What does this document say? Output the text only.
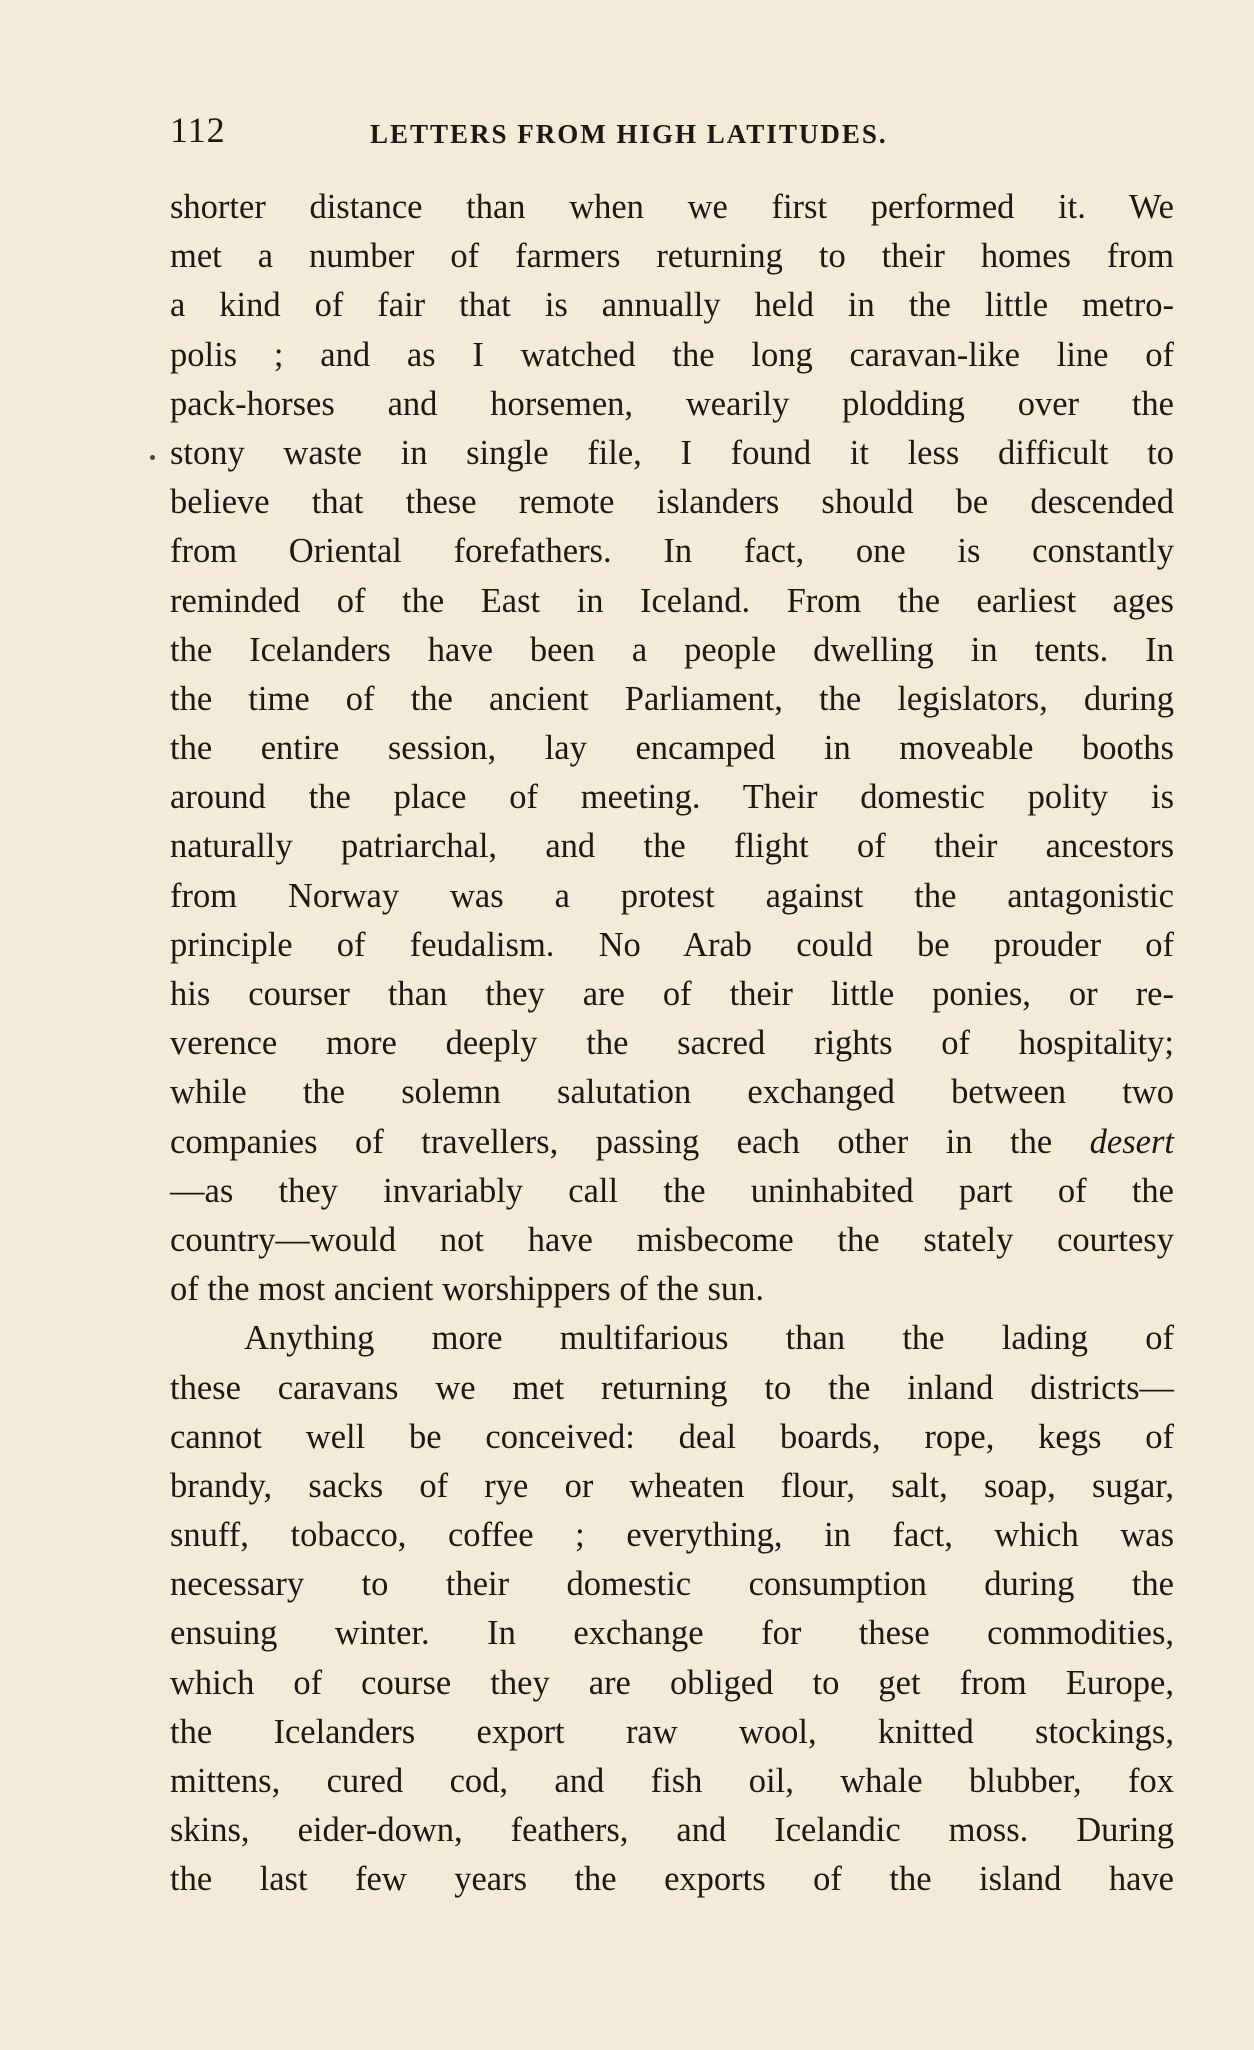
112	LETTERS FROM HIGH LATITUDES.
shorter distance than when we first performed it. We
met a number of farmers returning to their homes from
a kind of fair that is annually held in the little metro-
polis ; and as I watched the long caravan-like line of
pack-horses and horsemen, wearily plodding over the
stony waste in single file, I found it less difficult to
believe that these remote islanders should be descended
from Oriental forefathers. In fact, one is constantly
reminded of the East in Iceland. From the earliest ages
the Icelanders have been a people dwelling in tents. In
the time of the ancient Parliament, the legislators, during
the entire session, lay encamped in moveable booths
around the place of meeting. Their domestic polity is
naturally patriarchal, and the flight of their ancestors
from Norway was a protest against the antagonistic
principle of feudalism. No Arab could be prouder of
his courser than they are of their little ponies, or re-
verence more deeply the sacred rights of hospitality;
while the solemn salutation exchanged between two
companies of travellers, passing each other in the desert
—as they invariably call the uninhabited part of the
country—would not have misbecome the stately courtesy
of the most ancient worshippers of the sun.
Anything more multifarious than the lading of
these caravans we met returning to the inland districts—
cannot well be conceived: deal boards, rope, kegs of
brandy, sacks of rye or wheaten flour, salt, soap, sugar,
snuff, tobacco, coffee ; everything, in fact, which was
necessary to their domestic consumption during the
ensuing winter. In exchange for these commodities,
which of course they are obliged to get from Europe,
the Icelanders export raw wool, knitted stockings,
mittens, cured cod, and fish oil, whale blubber, fox
skins, eider-down, feathers, and Icelandic moss. During
the last few years the exports of the island have
